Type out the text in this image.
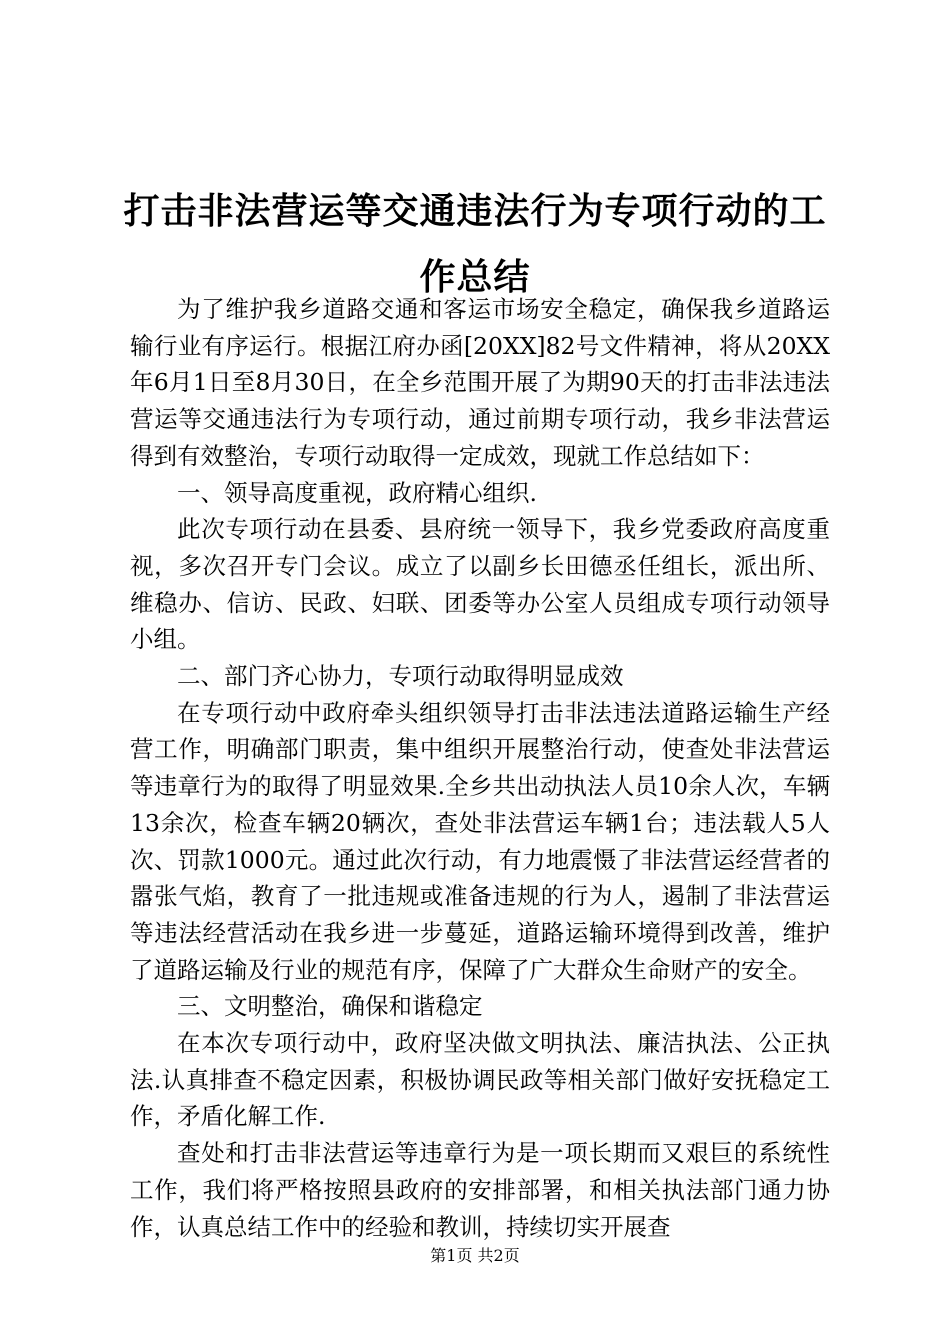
打击非法营运等交通违法行为专项行动的工作总结

为了维护我乡道路交通和客运市场安全稳定，确保我乡道路运输行业有序运行。根据江府办函[20XX]82号文件精神，将从20XX年6月1日至8月30日，在全乡范围开展了为期90天的打击非法违法营运等交通违法行为专项行动，通过前期专项行动，我乡非法营运得到有效整治，专项行动取得一定成效，现就工作总结如下：

一、领导高度重视，政府精心组织.

此次专项行动在县委、县府统一领导下，我乡党委政府高度重视，多次召开专门会议。成立了以副乡长田德丞任组长，派出所、维稳办、信访、民政、妇联、团委等办公室人员组成专项行动领导小组。

二、部门齐心协力，专项行动取得明显成效

在专项行动中政府牵头组织领导打击非法违法道路运输生产经营工作，明确部门职责，集中组织开展整治行动，使查处非法营运等违章行为的取得了明显效果.全乡共出动执法人员10余人次，车辆13余次，检查车辆20辆次，查处非法营运车辆1台；违法载人5人次、罚款1000元。通过此次行动，有力地震慑了非法营运经营者的嚣张气焰，教育了一批违规或准备违规的行为人，遏制了非法营运等违法经营活动在我乡进一步蔓延，道路运输环境得到改善，维护了道路运输及行业的规范有序，保障了广大群众生命财产的安全。

三、文明整治，确保和谐稳定

在本次专项行动中，政府坚决做文明执法、廉洁执法、公正执法.认真排查不稳定因素，积极协调民政等相关部门做好安抚稳定工作，矛盾化解工作.

查处和打击非法营运等违章行为是一项长期而又艰巨的系统性工作，我们将严格按照县政府的安排部署，和相关执法部门通力协作，认真总结工作中的经验和教训，持续切实开展查

第1页 共2页
